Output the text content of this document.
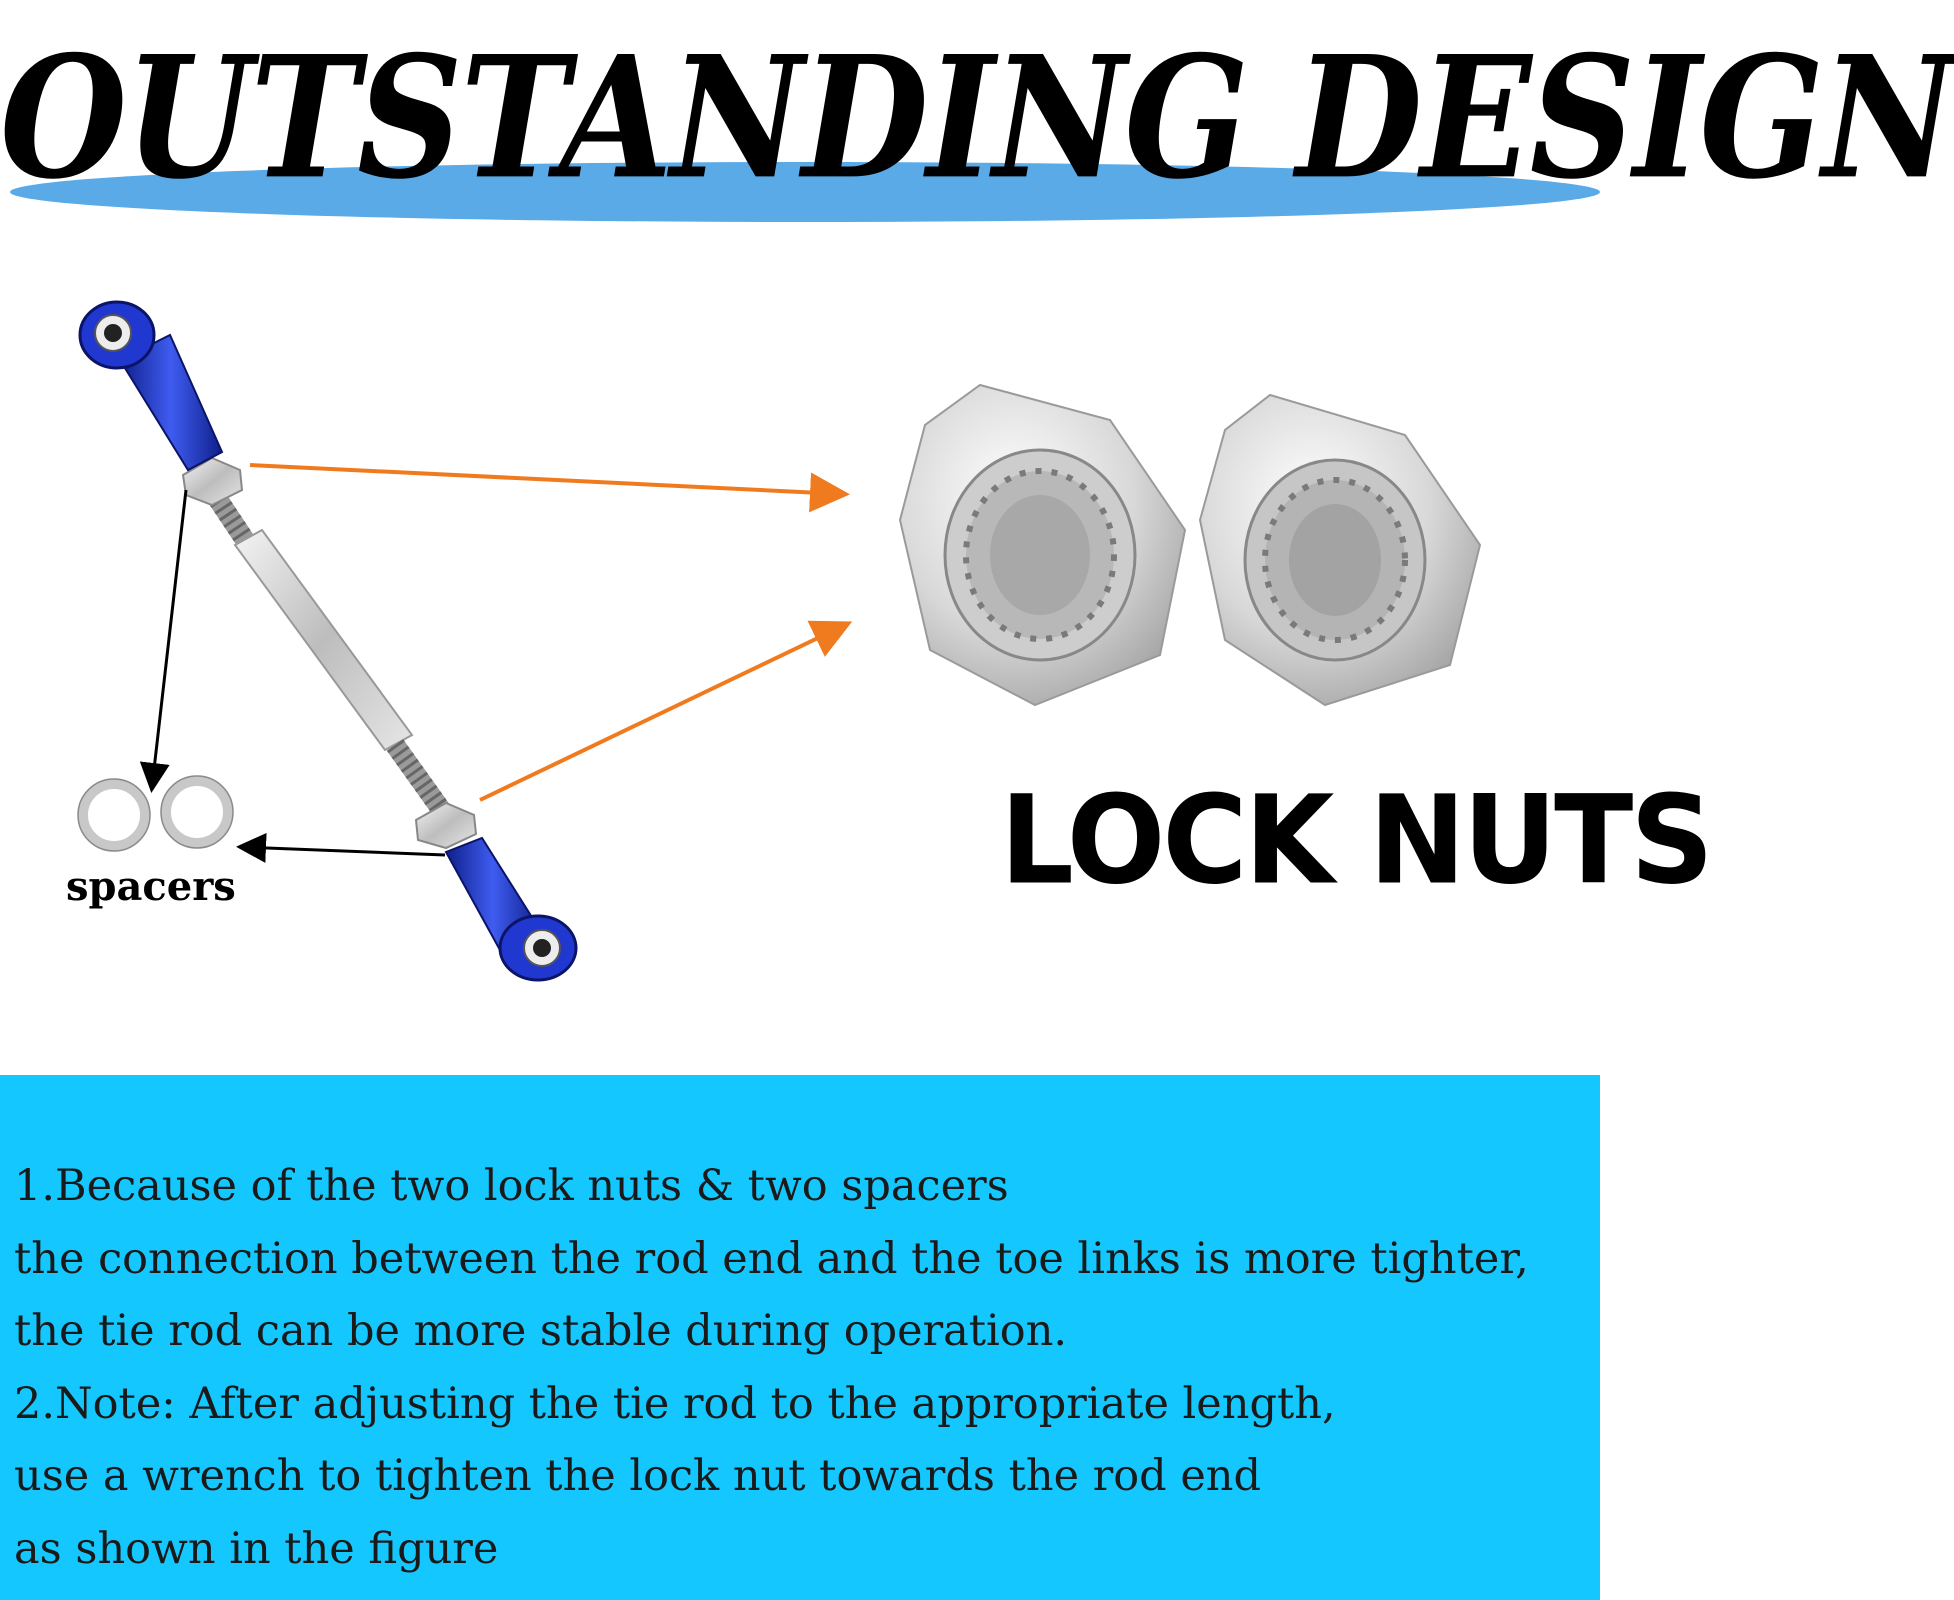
OUTSTANDING DESIGN
LOCK NUTS
spacers
1.Because of the two lock nuts & two spacers
the connection between the rod end and the toe links is more tighter,
the tie rod can be more stable during operation.
2.Note: After adjusting the tie rod to the appropriate length,
use a wrench to tighten the lock nut towards the rod end
as shown in the figure
